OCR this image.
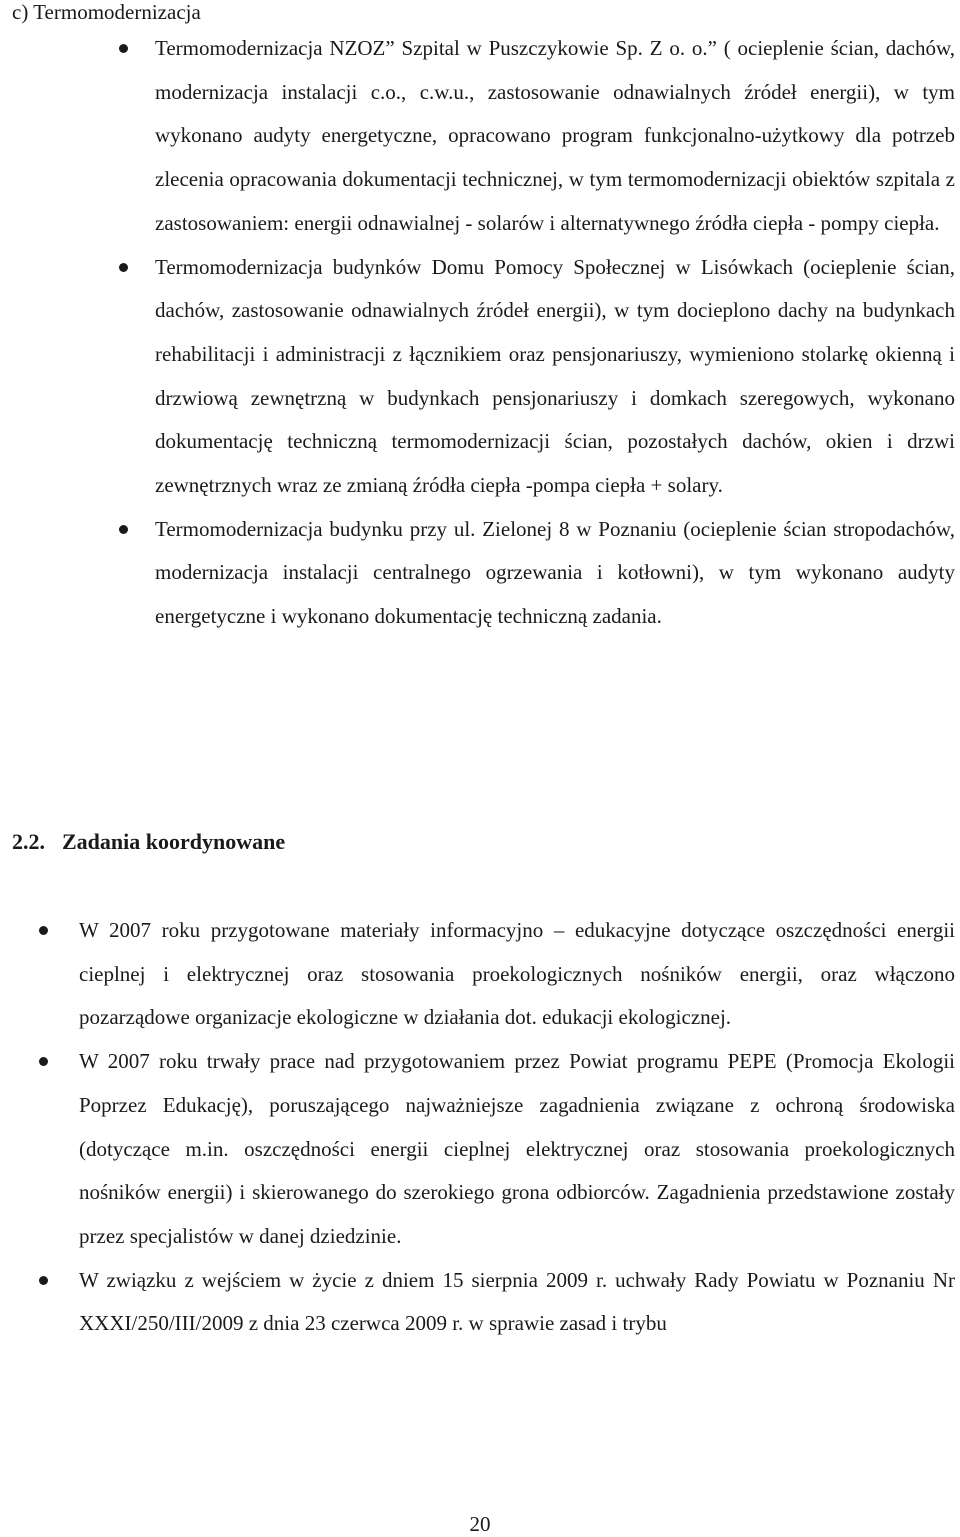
c) Termomodernizacja

Termomodernizacja NZOZ” Szpital w Puszczykowie Sp. Z o. o.” ( ocieplenie ścian, dachów, modernizacja instalacji c.o., c.w.u., zastosowanie odnawialnych źródeł energii), w tym wykonano audyty energetyczne, opracowano program funkcjonalno-użytkowy dla potrzeb zlecenia opracowania dokumentacji technicznej, w tym termomodernizacji obiektów szpitala z zastosowaniem: energii odnawialnej - solarów i alternatywnego źródła ciepła - pompy ciepła.

Termomodernizacja budynków Domu Pomocy Społecznej w Lisówkach (ocieplenie ścian, dachów, zastosowanie odnawialnych źródeł energii), w tym docieplono dachy na budynkach rehabilitacji i administracji z łącznikiem oraz pensjonariuszy, wymieniono stolarkę okienną i drzwiową zewnętrzną w budynkach pensjonariuszy i domkach szeregowych, wykonano dokumentację techniczną termomodernizacji ścian, pozostałych dachów, okien i drzwi zewnętrznych wraz ze zmianą źródła ciepła -pompa ciepła + solary.

Termomodernizacja budynku przy ul. Zielonej 8 w Poznaniu (ocieplenie ścian stropodachów, modernizacja instalacji centralnego ogrzewania i kotłowni), w tym wykonano audyty energetyczne i wykonano dokumentację techniczną zadania.

2.2. Zadania koordynowane

W 2007 roku przygotowane materiały informacyjno – edukacyjne dotyczące oszczędności energii cieplnej i elektrycznej oraz stosowania proekologicznych nośników energii, oraz włączono pozarządowe organizacje ekologiczne w działania dot. edukacji ekologicznej.

W 2007 roku trwały prace nad przygotowaniem przez Powiat programu PEPE (Promocja Ekologii Poprzez Edukację), poruszającego najważniejsze zagadnienia związane z ochroną środowiska (dotyczące m.in. oszczędności energii cieplnej elektrycznej oraz stosowania proekologicznych nośników energii) i skierowanego do szerokiego grona odbiorców. Zagadnienia przedstawione zostały przez specjalistów w danej dziedzinie.

W związku z wejściem w życie z dniem 15 sierpnia 2009 r. uchwały Rady Powiatu w Poznaniu Nr XXXI/250/III/2009 z dnia 23 czerwca 2009 r. w sprawie zasad i trybu

20
